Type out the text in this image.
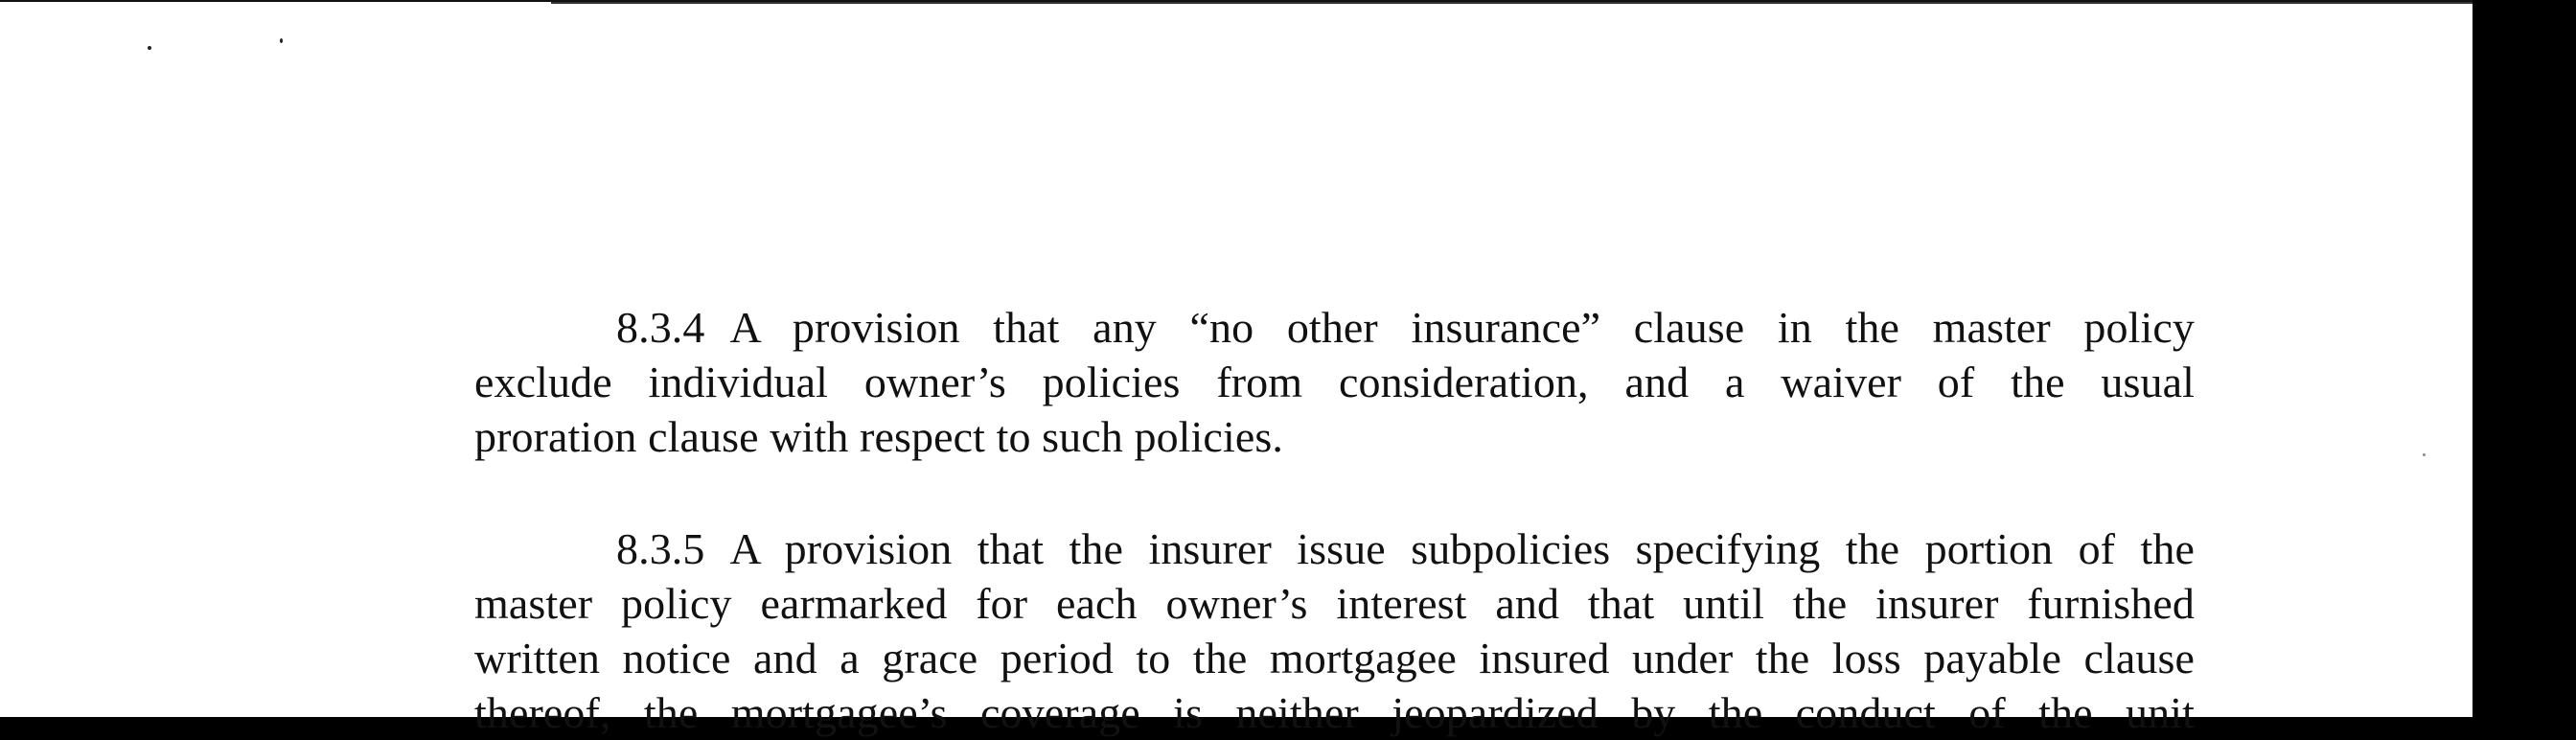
8.3.4 A provision that any “no other insurance” clause in the master policy
exclude individual owner’s policies from consideration, and a waiver of the usual
proration clause with respect to such policies.
8.3.5 A provision that the insurer issue subpolicies specifying the portion of the
master policy earmarked for each owner’s interest and that until the insurer furnished
written notice and a grace period to the mortgagee insured under the loss payable clause
thereof, the mortgagee’s coverage is neither jeopardized by the conduct of the unit
